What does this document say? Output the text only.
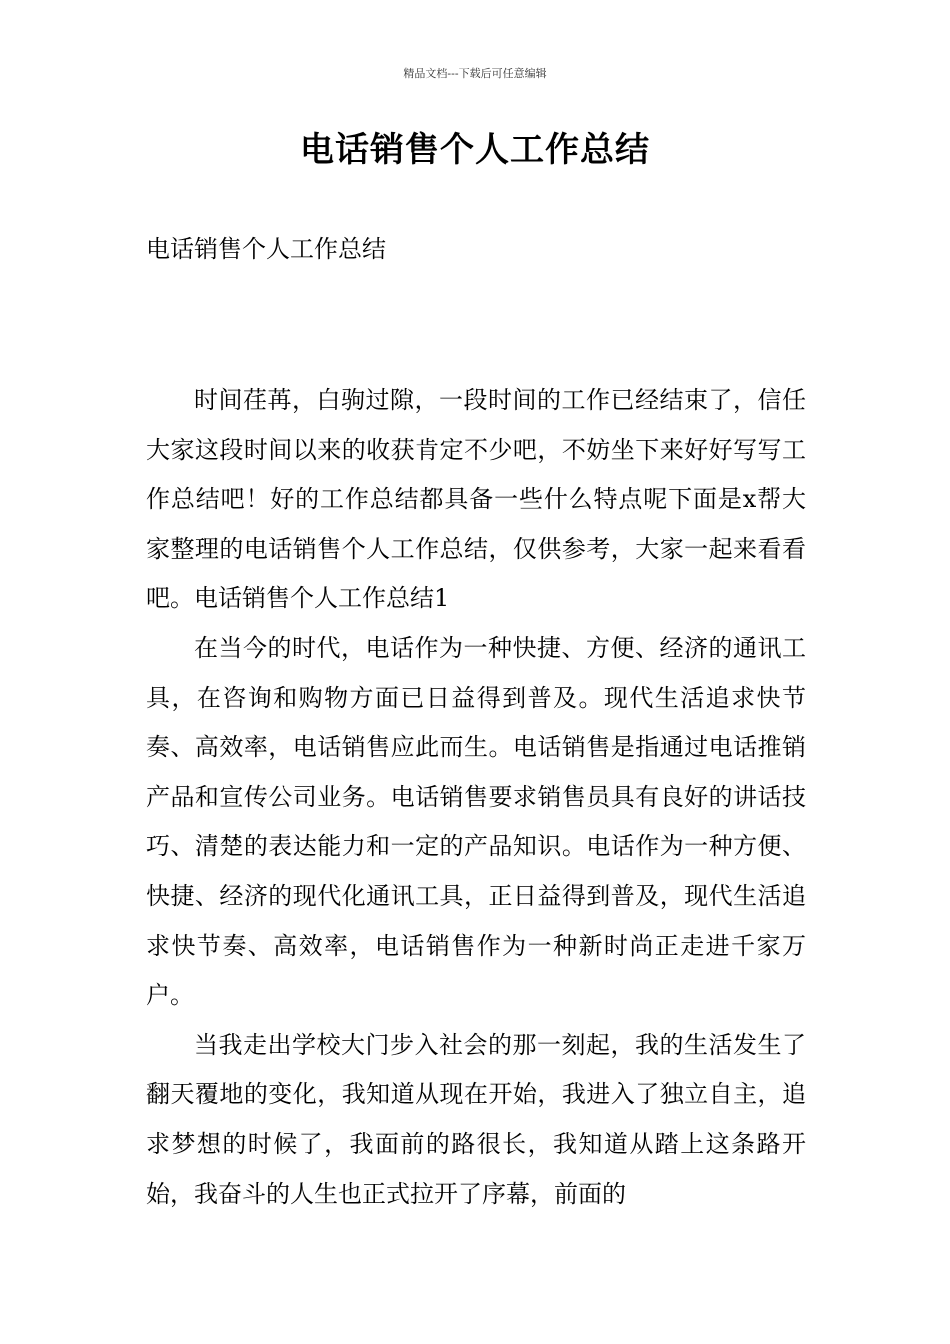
精品文档---下载后可任意编辑
电话销售个人工作总结
电话销售个人工作总结

时间荏苒，白驹过隙，一段时间的工作已经结束了，信任大家这段时间以来的收获肯定不少吧，不妨坐下来好好写写工作总结吧！好的工作总结都具备一些什么特点呢下面是x帮大家整理的电话销售个人工作总结，仅供参考，大家一起来看看吧。电话销售个人工作总结1

在当今的时代，电话作为一种快捷、方便、经济的通讯工具，在咨询和购物方面已日益得到普及。现代生活追求快节奏、高效率，电话销售应此而生。电话销售是指通过电话推销产品和宣传公司业务。电话销售要求销售员具有良好的讲话技巧、清楚的表达能力和一定的产品知识。电话作为一种方便、快捷、经济的现代化通讯工具，正日益得到普及，现代生活追求快节奏、高效率，电话销售作为一种新时尚正走进千家万户。

当我走出学校大门步入社会的那一刻起，我的生活发生了翻天覆地的变化，我知道从现在开始，我进入了独立自主，追求梦想的时候了，我面前的路很长，我知道从踏上这条路开始，我奋斗的人生也正式拉开了序幕，前面的
